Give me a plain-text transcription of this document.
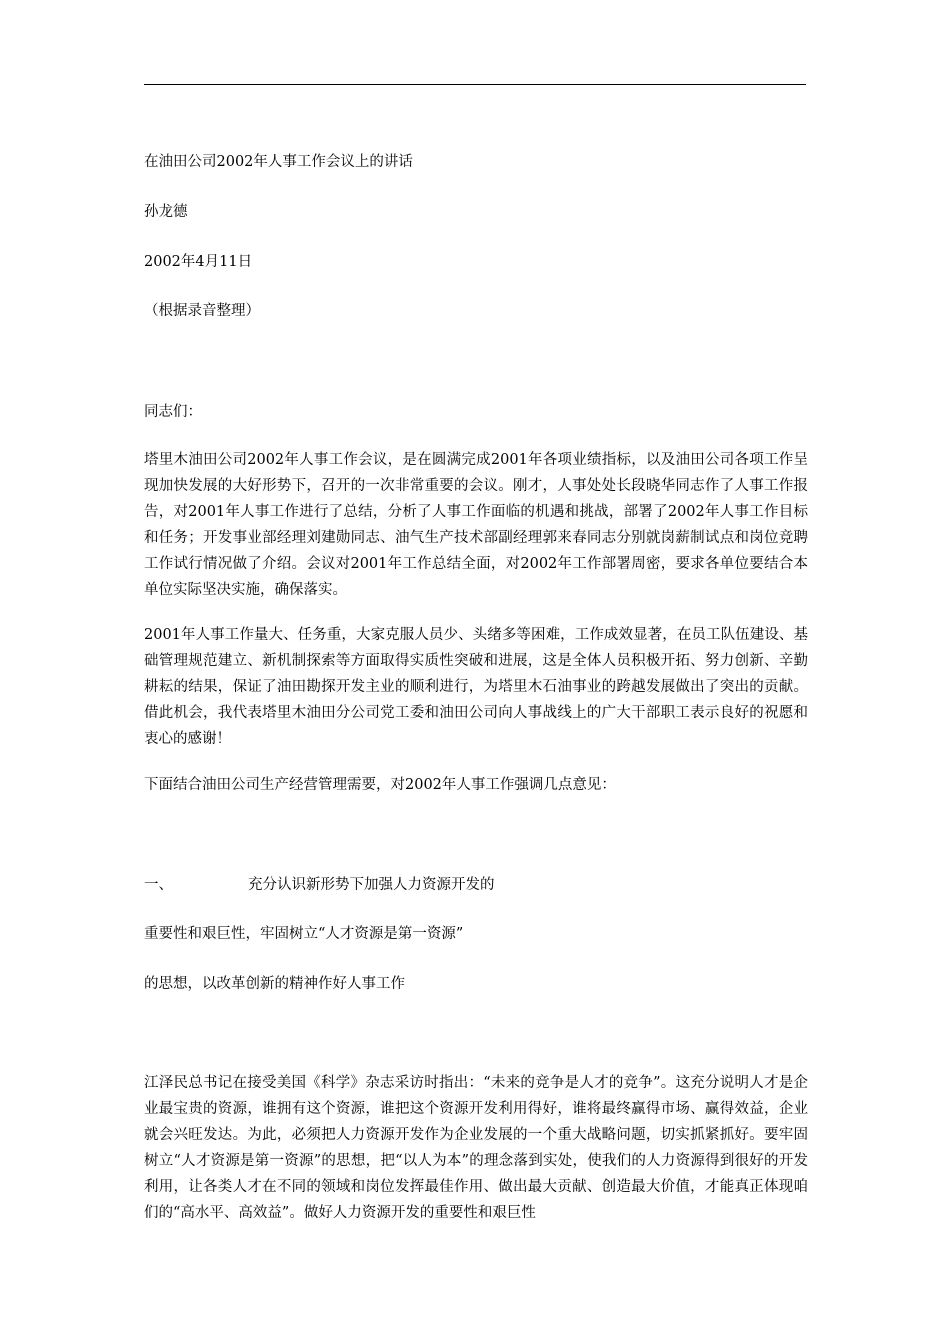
在油田公司2002年人事工作会议上的讲话
孙龙德
2002年4月11日
（根据录音整理）
同志们：
塔里木油田公司2002年人事工作会议，是在圆满完成2001年各项业绩指标，以及油田公司各项工作呈现加快发展的大好形势下，召开的一次非常重要的会议。刚才，人事处处长段晓华同志作了人事工作报告，对2001年人事工作进行了总结，分析了人事工作面临的机遇和挑战，部署了2002年人事工作目标和任务；开发事业部经理刘建勋同志、油气生产技术部副经理郭来春同志分别就岗薪制试点和岗位竞聘工作试行情况做了介绍。会议对2001年工作总结全面，对2002年工作部署周密，要求各单位要结合本单位实际坚决实施，确保落实。
2001年人事工作量大、任务重，大家克服人员少、头绪多等困难，工作成效显著，在员工队伍建设、基础管理规范建立、新机制探索等方面取得实质性突破和进展，这是全体人员积极开拓、努力创新、辛勤耕耘的结果，保证了油田勘探开发主业的顺利进行，为塔里木石油事业的跨越发展做出了突出的贡献。借此机会，我代表塔里木油田分公司党工委和油田公司向人事战线上的广大干部职工表示良好的祝愿和衷心的感谢！
下面结合油田公司生产经营管理需要，对2002年人事工作强调几点意见：
一、	充分认识新形势下加强人力资源开发的
重要性和艰巨性，牢固树立“人才资源是第一资源”
的思想，以改革创新的精神作好人事工作
江泽民总书记在接受美国《科学》杂志采访时指出：“未来的竞争是人才的竞争”。这充分说明人才是企业最宝贵的资源，谁拥有这个资源，谁把这个资源开发利用得好，谁将最终赢得市场、赢得效益，企业就会兴旺发达。为此，必须把人力资源开发作为企业发展的一个重大战略问题，切实抓紧抓好。要牢固树立“人才资源是第一资源”的思想，把“以人为本”的理念落到实处，使我们的人力资源得到很好的开发利用，让各类人才在不同的领域和岗位发挥最佳作用、做出最大贡献、创造最大价值，才能真正体现咱们的“高水平、高效益”。做好人力资源开发的重要性和艰巨性
